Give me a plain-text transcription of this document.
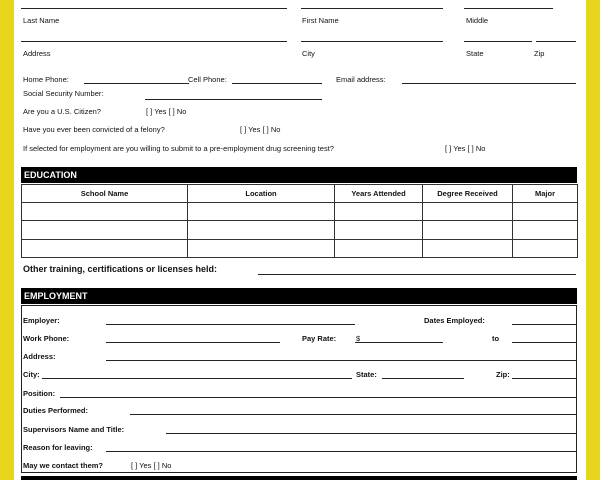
Last Name	First Name	Middle
Address	City	State	Zip
Home Phone:	Cell Phone:	Email address:
Social Security Number:
Are you a U.S. Citizen?	[ ] Yes [ ] No
Have you ever been convicted of a felony?	[ ] Yes [ ] No
If selected for employment are you willing to submit to a pre-employment drug screening test?	[ ] Yes [ ] No
EDUCATION
School Name	Location	Years Attended	Degree Received	Major

Other training, certifications or licenses held:
EMPLOYMENT
Employer:	Dates Employed:
Work Phone:	Pay Rate:	$	to
Address:
City:	State:	Zip:
Position:
Duties Performed:
Supervisors Name and Title:
Reason for leaving:
May we contact them?	[ ] Yes [ ] No
